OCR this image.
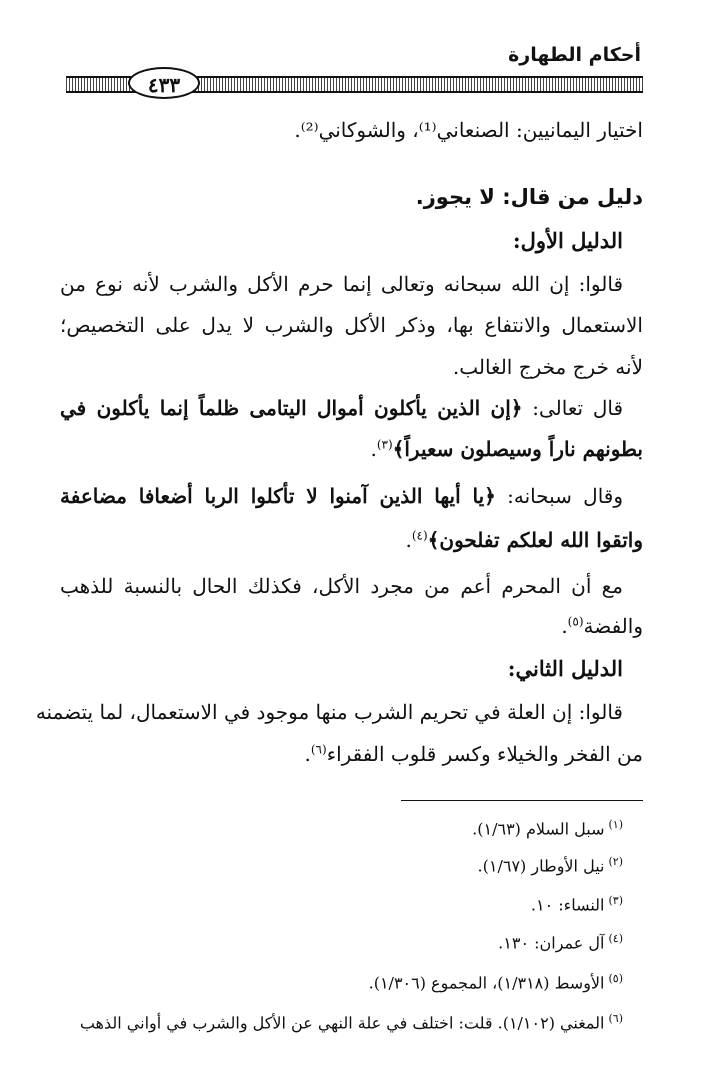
أحكام الطهارة
٤٣٣
اختيار اليمانيين: الصنعاني⁽¹⁾، والشوكاني⁽²⁾.
دليل من قال: لا يجوز.
الدليل الأول:
قالوا: إن الله سبحانه وتعالى إنما حرم الأكل والشرب لأنه نوع من
الاستعمال والانتفاع بها، وذكر الأكل والشرب لا يدل على التخصيص؛
لأنه خرج مخرج الغالب.
قال تعالى: ﴿إن الذين يأكلون أموال اليتامى ظلماً إنما يأكلون في
بطونهم ناراً وسيصلون سعيراً﴾$^{(٣)}$.
وقال سبحانه: ﴿يا أيها الذين آمنوا لا تأكلوا الربا أضعافا مضاعفة
واتقوا الله لعلكم تفلحون﴾$^{(٤)}$.
مع أن المحرم أعم من مجرد الأكل، فكذلك الحال بالنسبة للذهب
والفضة$^{(٥)}$.
الدليل الثاني:
قالوا: إن العلة في تحريم الشرب منها موجود في الاستعمال، لما يتضمنه
من الفخر والخيلاء وكسر قلوب الفقراء$^{(٦)}$.
$^{(١)}$سبل السلام (١/٦٣).
$^{(٢)}$نيل الأوطار (١/٦٧).
$^{(٣)}$النساء: ١٠.
$^{(٤)}$آل عمران: ١٣٠.
$^{(٥)}$الأوسط (١/٣١٨)، المجموع (١/٣٠٦).
$^{(٦)}$المغني (١/١٠٢). قلت: اختلف في علة النهي عن الأكل والشرب في أواني الذهب
